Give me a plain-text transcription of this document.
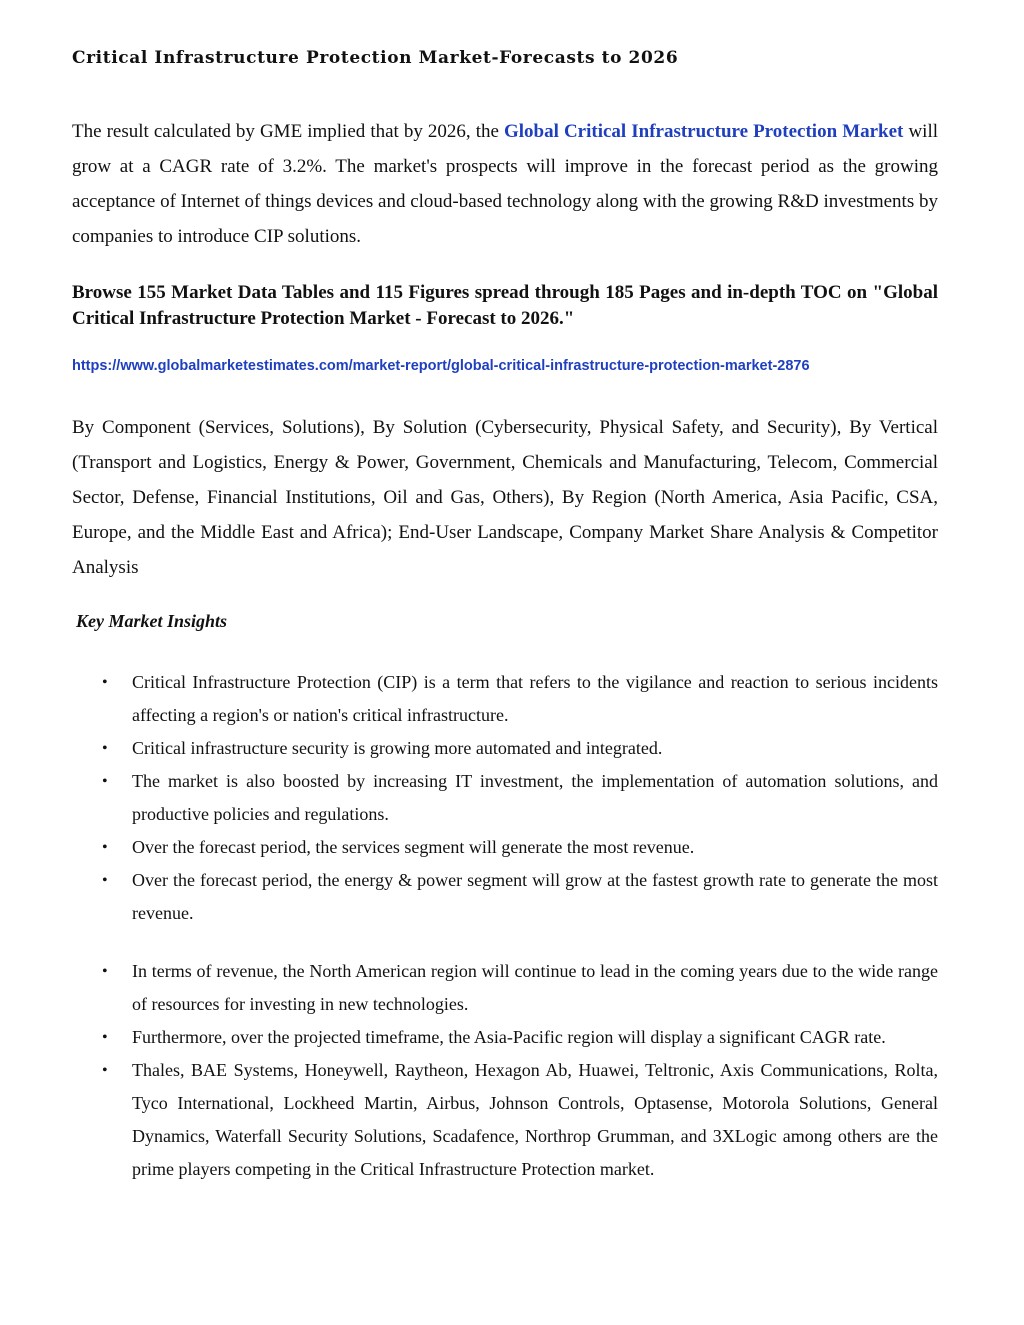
Critical Infrastructure Protection Market-Forecasts to 2026

The result calculated by GME implied that by 2026, the Global Critical Infrastructure Protection Market will grow at a CAGR rate of 3.2%. The market's prospects will improve in the forecast period as the growing acceptance of Internet of things devices and cloud-based technology along with the growing R&D investments by companies to introduce CIP solutions.

Browse 155 Market Data Tables and 115 Figures spread through 185 Pages and in-depth TOC on "Global Critical Infrastructure Protection Market - Forecast to 2026."

https://www.globalmarketestimates.com/market-report/global-critical-infrastructure-protection-market-2876

By Component (Services, Solutions), By Solution (Cybersecurity, Physical Safety, and Security), By Vertical (Transport and Logistics, Energy & Power, Government, Chemicals and Manufacturing, Telecom, Commercial Sector, Defense, Financial Institutions, Oil and Gas, Others), By Region (North America, Asia Pacific, CSA, Europe, and the Middle East and Africa); End-User Landscape, Company Market Share Analysis & Competitor Analysis

Key Market Insights
• Critical Infrastructure Protection (CIP) is a term that refers to the vigilance and reaction to serious incidents affecting a region's or nation's critical infrastructure.
• Critical infrastructure security is growing more automated and integrated.
• The market is also boosted by increasing IT investment, the implementation of automation solutions, and productive policies and regulations.
• Over the forecast period, the services segment will generate the most revenue.
• Over the forecast period, the energy & power segment will grow at the fastest growth rate to generate the most revenue.
• In terms of revenue, the North American region will continue to lead in the coming years due to the wide range of resources for investing in new technologies.
• Furthermore, over the projected timeframe, the Asia-Pacific region will display a significant CAGR rate.
• Thales, BAE Systems, Honeywell, Raytheon, Hexagon Ab, Huawei, Teltronic, Axis Communications, Rolta, Tyco International, Lockheed Martin, Airbus, Johnson Controls, Optasense, Motorola Solutions, General Dynamics, Waterfall Security Solutions, Scadafence, Northrop Grumman, and 3XLogic among others are the prime players competing in the Critical Infrastructure Protection market.
